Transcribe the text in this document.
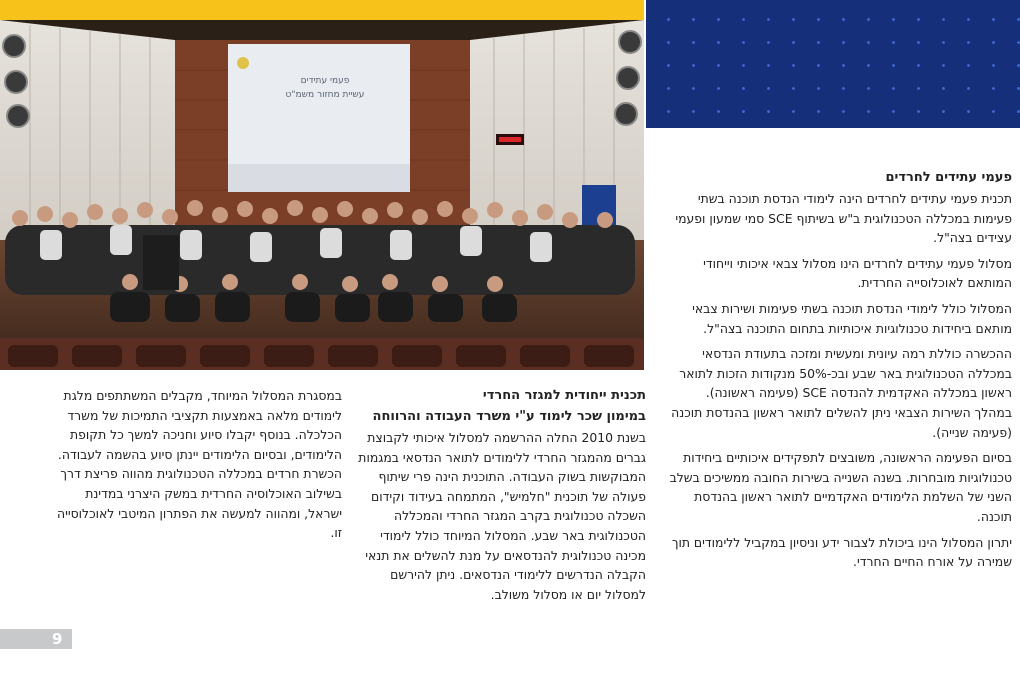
פעמי עתידים
עשיית מחזור משמ"ט
פעמי עתידים לחרדים

תכנית פעמי עתידים לחרדים הינה לימודי הנדסת תוכנה בשתי פעימות במכללה הטכנולוגית ב"ש בשיתוף SCE סמי שמעון ופעמי עצידים בצה"ל.

מסלול פעמי עתידים לחרדים הינו מסלול צבאי איכותי וייחודי המותאם לאוכלוסייה החרדית.

המסלול כולל לימודי הנדסת תוכנה בשתי פעימות ושירות צבאי מותאם ביחידות טכנולוגיות איכותיות בתחום התוכנה בצה"ל.

ההכשרה כוללת רמה עיונית ומעשית ומזכה בתעודת הנדסאי במכללה הטכנולוגית באר שבע ובכ-50% מנקודות הזכות לתואר ראשון במכללה האקדמית להנדסה SCE (פעימה ראשונה). במהלך השירות הצבאי ניתן להשלים לתואר ראשון בהנדסת תוכנה (פעימה שנייה).

בסיום הפעימה הראשונה, משובצים לתפקידים איכותיים ביחידות טכנולוגיות מובחרות. בשנה השנייה בשירות החובה ממשיכים בשלב השני של השלמת הלימודים האקדמיים לתואר ראשון בהנדסת תוכנה.

יתרון המסלול הינו ביכולת לצבור ידע וניסיון במקביל ללימודים תוך שמירה על אורח החיים החרדי.

תכנית ייחודית למגזר החרדי
במימון שכר לימוד ע"י משרד העבודה והרווחה

בשנת 2010 החלה ההרשמה למסלול איכותי לקבוצת גברים מהמגזר החרדי ללימודים לתואר הנדסאי במגמות המבוקשות בשוק העבודה. התוכנית הינה פרי שיתוף פעולה של תוכנית "חלמיש", המתמחה בעידוד וקידום השכלה טכנולוגית בקרב המגזר החרדי והמכללה הטכנולוגית באר שבע. המסלול המיוחד כולל לימודי מכינה טכנולוגית להנדסאים על מנת להשלים את תנאי הקבלה הנדרשים ללימודי הנדסאים. ניתן להירשם למסלול יום או מסלול משולב.

במסגרת המסלול המיוחד, מקבלים המשתתפים מלגת לימודים מלאה באמצעות תקציבי התמיכות של משרד הכלכלה. בנוסף יקבלו סיוע וחניכה למשך כל תקופת הלימודים, ובסיום הלימודים יינתן סיוע בהשמה לעבודה. הכשרת חרדים במכללה הטכנולוגית מהווה פריצת דרך בשילוב האוכלוסיה החרדית במשק היצרני במדינת ישראל, ומהווה למעשה את הפתרון המיטבי לאוכלוסייה זו.

9
